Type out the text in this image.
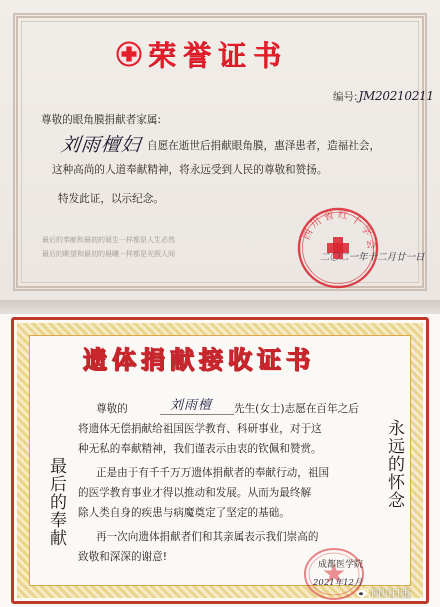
荣誉证书
编号:JM20210211
尊敬的眼角膜捐献者家属:
刘雨檀妇 自愿在逝世后捐献眼角膜，惠泽患者，造福社会，
这种高尚的人道奉献精神，将永远受到人民的尊敬和赞扬。
特发此证，以示纪念。
最后的奉献和最初的诞生一样都是人生必然
最后的眺望和最初的晨曦一样都是光照人间
四川省红十字会
二〇二一年十二月廿一日
遗体捐献接收证书
最后的奉献	永远的怀念
尊敬的	刘雨檀	先生(女士)志愿在百年之后
将遗体无偿捐献给祖国医学教育、科研事业，对于这
种无私的奉献精神，我们谨表示由衷的钦佩和赞赏。
正是由于有千千万万遗体捐献者的奉献行动，祖国
的医学教育事业才得以推动和发展。从而为最终解
除人类自身的疾患与病魔奠定了坚定的基础。
再一次向遗体捐献者们和其亲属表示我们崇高的
致敬和深深的谢意!
成都医学院
2021年12月
四川日报
